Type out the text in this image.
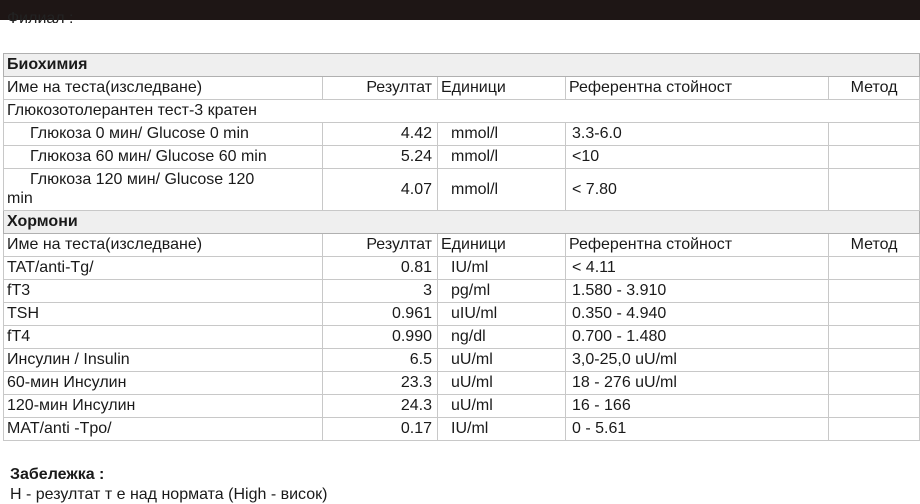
Филиал :
Биохимия				
Име на теста(изследване)	Резултат	Единици	Референтна стойност	Метод
Глюкозотолерантен тест-3 кратен				
Глюкоза 0 мин/ Glucose 0 min	4.42	mmol/l	3.3-6.0	
Глюкоза 60 мин/ Glucose 60 min	5.24	mmol/l	<10	

Глюкоза 120 мин/ Glucose 120
min	4.07	mmol/l	< 7.80	
Хормони				
Име на теста(изследване)	Резултат	Единици	Референтна стойност	Метод
TAT/anti-Tg/	0.81	IU/ml	< 4.11	
fT3	3	pg/ml	1.580 - 3.910	
TSH	0.961	uIU/ml	0.350 - 4.940	
fT4	0.990	ng/dl	0.700 - 1.480	
Инсулин / Insulin	6.5	uU/ml	3,0-25,0 uU/ml	
60-мин Инсулин	23.3	uU/ml	18 - 276 uU/ml	
120-мин Инсулин	24.3	uU/ml	16 - 166	
MAT/anti -Tpo/	0.17	IU/ml	0 - 5.61	
Забележка :
H - резултат т е над нормата (High - висок)
